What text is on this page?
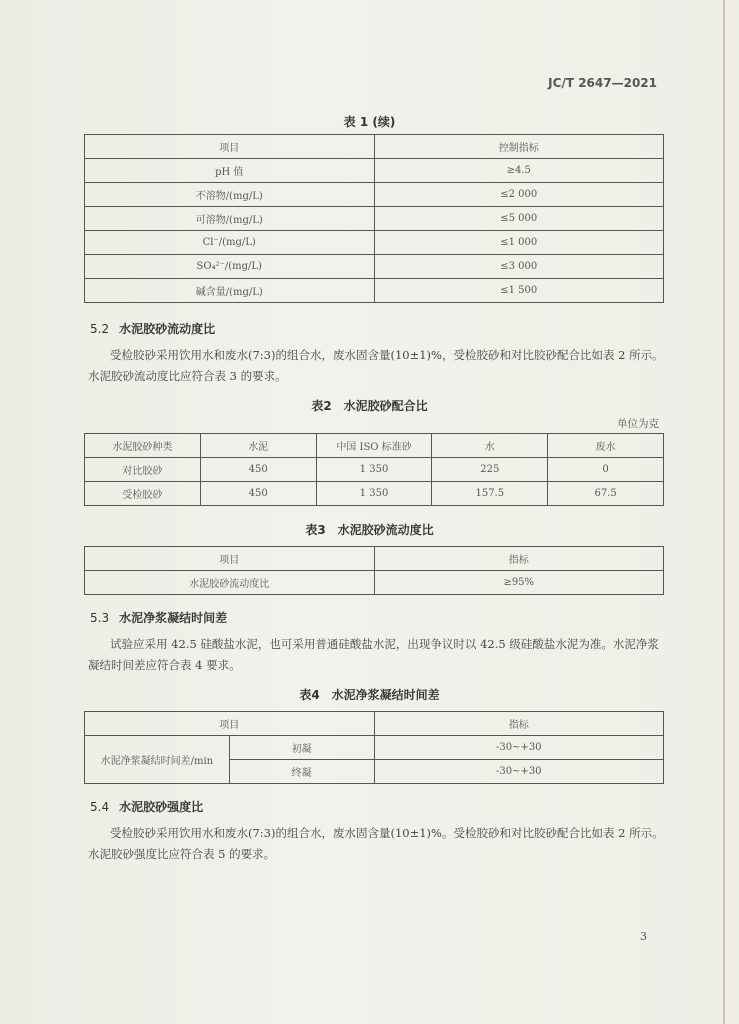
JC/T 2647—2021
表 1 (续)
项目	控制指标
pH 值	≥4.5
不溶物/(mg/L)	≤2 000
可溶物/(mg/L)	≤5 000
Cl⁻/(mg/L)	≤1 000
SO₄²⁻/(mg/L)	≤3 000
碱含量/(mg/L)	≤1 500
5.2 水泥胶砂流动度比
受检胶砂采用饮用水和废水(7:3)的组合水，废水固含量(10±1)%，受检胶砂和对比胶砂配合比如表 2 所示。水泥胶砂流动度比应符合表 3 的要求。
表2　水泥胶砂配合比
单位为克
水泥胶砂种类	水泥	中国 ISO 标准砂	水	废水
对比胶砂	450	1 350	225	0
受检胶砂	450	1 350	157.5	67.5
表3　水泥胶砂流动度比
项目	指标
水泥胶砂流动度比	≥95%
5.3 水泥净浆凝结时间差
试验应采用 42.5 硅酸盐水泥，也可采用普通硅酸盐水泥，出现争议时以 42.5 级硅酸盐水泥为准。水泥净浆凝结时间差应符合表 4 要求。
表4　水泥净浆凝结时间差
项目		指标
水泥净浆凝结时间差/min	初凝	-30~+30
	终凝	-30~+30
5.4 水泥胶砂强度比
受检胶砂采用饮用水和废水(7:3)的组合水，废水固含量(10±1)%。受检胶砂和对比胶砂配合比如表 2 所示。水泥胶砂强度比应符合表 5 的要求。
3
